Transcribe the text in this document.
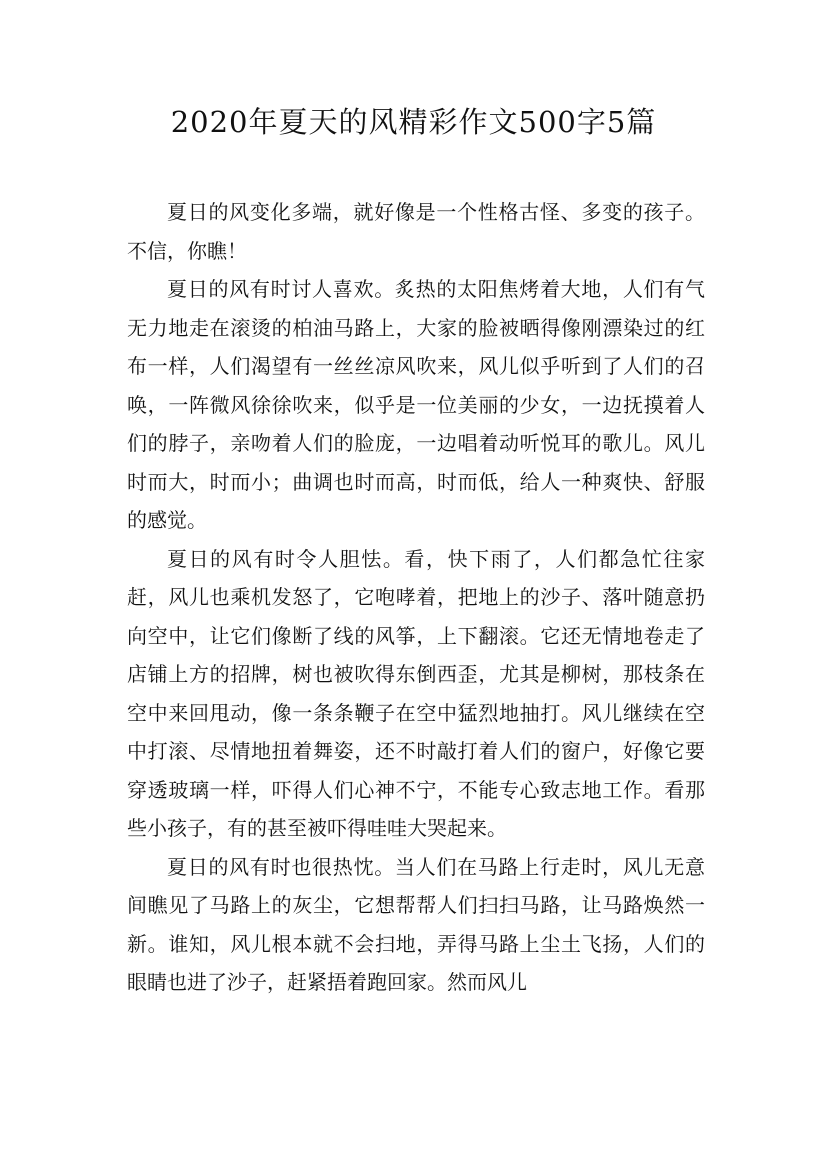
2020年夏天的风精彩作文500字5篇

夏日的风变化多端，就好像是一个性格古怪、多变的孩子。不信，你瞧！

夏日的风有时讨人喜欢。炙热的太阳焦烤着大地，人们有气无力地走在滚烫的柏油马路上，大家的脸被晒得像刚漂染过的红布一样，人们渴望有一丝丝凉风吹来，风儿似乎听到了人们的召唤，一阵微风徐徐吹来，似乎是一位美丽的少女，一边抚摸着人们的脖子，亲吻着人们的脸庞，一边唱着动听悦耳的歌儿。风儿时而大，时而小；曲调也时而高，时而低，给人一种爽快、舒服的感觉。

夏日的风有时令人胆怯。看，快下雨了，人们都急忙往家赶，风儿也乘机发怒了，它咆哮着，把地上的沙子、落叶随意扔向空中，让它们像断了线的风筝，上下翻滚。它还无情地卷走了店铺上方的招牌，树也被吹得东倒西歪，尤其是柳树，那枝条在空中来回甩动，像一条条鞭子在空中猛烈地抽打。风儿继续在空中打滚、尽情地扭着舞姿，还不时敲打着人们的窗户，好像它要穿透玻璃一样，吓得人们心神不宁，不能专心致志地工作。看那些小孩子，有的甚至被吓得哇哇大哭起来。

夏日的风有时也很热忱。当人们在马路上行走时，风儿无意间瞧见了马路上的灰尘，它想帮帮人们扫扫马路，让马路焕然一新。谁知，风儿根本就不会扫地，弄得马路上尘土飞扬，人们的眼睛也进了沙子，赶紧捂着跑回家。然而风儿
